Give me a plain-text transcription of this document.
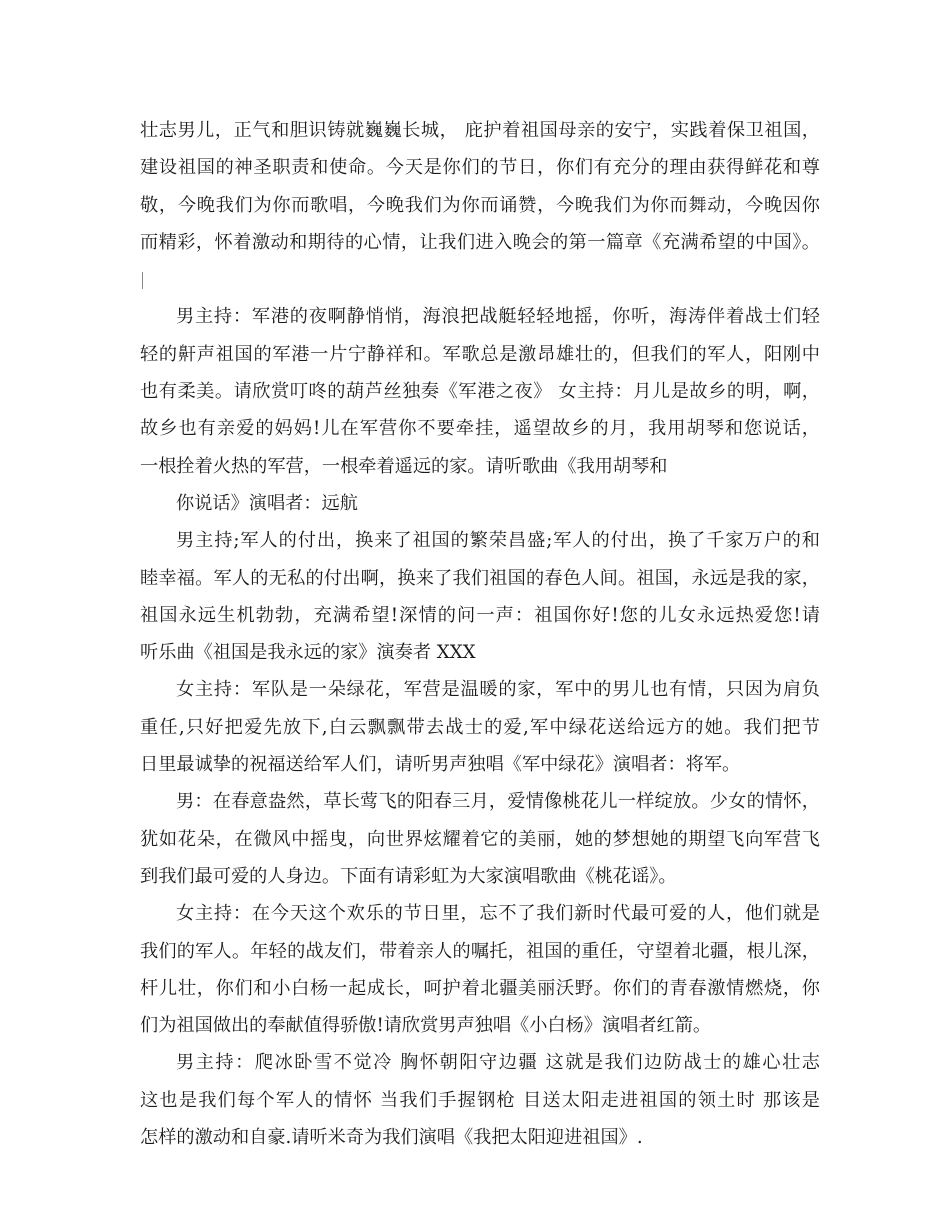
壮志男儿，正气和胆识铸就巍巍长城， 庇护着祖国母亲的安宁，实践着保卫祖国，
建设祖国的神圣职责和使命。今天是你们的节日，你们有充分的理由获得鲜花和尊
敬，今晚我们为你而歌唱，今晚我们为你而诵赞，今晚我们为你而舞动，今晚因你
而精彩，怀着激动和期待的心情，让我们进入晚会的第一篇章《充满希望的中国》。
男主持：军港的夜啊静悄悄，海浪把战艇轻轻地摇，你听，海涛伴着战士们轻
轻的鼾声祖国的军港一片宁静祥和。军歌总是激昂雄壮的，但我们的军人，阳刚中
也有柔美。请欣赏叮咚的葫芦丝独奏《军港之夜》 女主持：月儿是故乡的明，啊，
故乡也有亲爱的妈妈!儿在军营你不要牵挂，遥望故乡的月，我用胡琴和您说话，
一根拴着火热的军营，一根牵着遥远的家。请听歌曲《我用胡琴和
你说话》演唱者：远航
男主持;军人的付出，换来了祖国的繁荣昌盛;军人的付出，换了千家万户的和
睦幸福。军人的无私的付出啊，换来了我们祖国的春色人间。祖国，永远是我的家，
祖国永远生机勃勃，充满希望!深情的问一声：祖国你好!您的儿女永远热爱您!请
听乐曲《祖国是我永远的家》演奏者 XXX
女主持：军队是一朵绿花，军营是温暖的家，军中的男儿也有情，只因为肩负
重任,只好把爱先放下,白云飘飘带去战士的爱,军中绿花送给远方的她。我们把节
日里最诚挚的祝福送给军人们，请听男声独唱《军中绿花》演唱者：将军。
男：在春意盎然，草长莺飞的阳春三月，爱情像桃花儿一样绽放。少女的情怀，
犹如花朵，在微风中摇曳，向世界炫耀着它的美丽，她的梦想她的期望飞向军营飞
到我们最可爱的人身边。下面有请彩虹为大家演唱歌曲《桃花谣》。
女主持：在今天这个欢乐的节日里，忘不了我们新时代最可爱的人，他们就是
我们的军人。年轻的战友们，带着亲人的嘱托，祖国的重任，守望着北疆，根儿深，
杆儿壮，你们和小白杨一起成长，呵护着北疆美丽沃野。你们的青春激情燃烧，你
们为祖国做出的奉献值得骄傲!请欣赏男声独唱《小白杨》演唱者红箭。
男主持：爬冰卧雪不觉冷 胸怀朝阳守边疆 这就是我们边防战士的雄心壮志
这也是我们每个军人的情怀 当我们手握钢枪 目送太阳走进祖国的领土时 那该是
怎样的激动和自豪.请听米奇为我们演唱《我把太阳迎进祖国》.
